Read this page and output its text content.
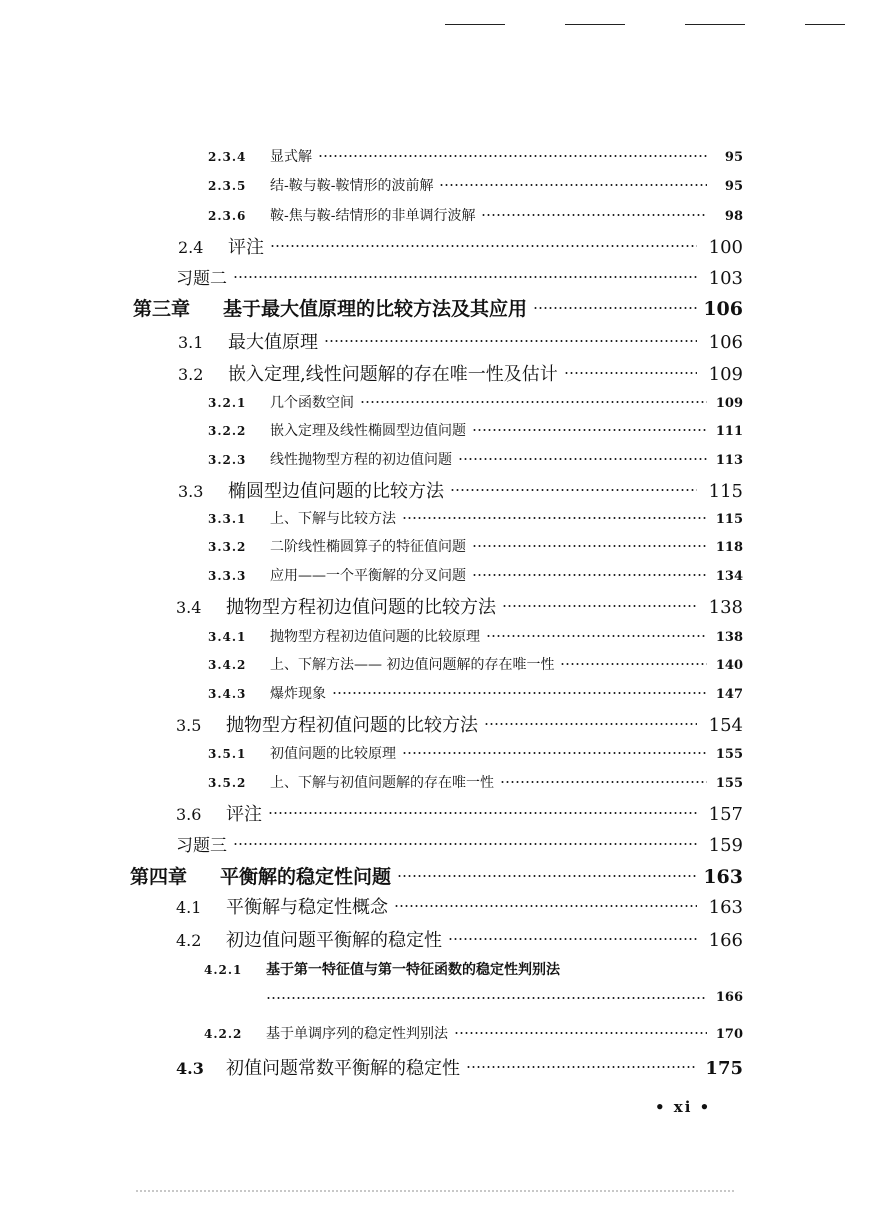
2.3.4	显式解	95
2.3.5	结-鞍与鞍-鞍情形的波前解	95
2.3.6	鞍-焦与鞍-结情形的非单调行波解	98
2.4	评注	100
习题二	103
第三章	基于最大值原理的比较方法及其应用	106
3.1	最大值原理	106
3.2	嵌入定理,线性问题解的存在唯一性及估计	109
3.2.1	几个函数空间	109
3.2.2	嵌入定理及线性椭圆型边值问题	111
3.2.3	线性抛物型方程的初边值问题	113
3.3	椭圆型边值问题的比较方法	115
3.3.1	上、下解与比较方法	115
3.3.2	二阶线性椭圆算子的特征值问题	118
3.3.3	应用——一个平衡解的分叉问题	134
3.4	抛物型方程初边值问题的比较方法	138
3.4.1	抛物型方程初边值问题的比较原理	138
3.4.2	上、下解方法—— 初边值问题解的存在唯一性	140
3.4.3	爆炸现象	147
3.5	抛物型方程初值问题的比较方法	154
3.5.1	初值问题的比较原理	155
3.5.2	上、下解与初值问题解的存在唯一性	155
3.6	评注	157
习题三	159
第四章	平衡解的稳定性问题	163
4.1	平衡解与稳定性概念	163
4.2	初边值问题平衡解的稳定性	166
4.2.1	基于第一特征值与第一特征函数的稳定性判别法
166
4.2.2	基于单调序列的稳定性判别法	170
4.3	初值问题常数平衡解的稳定性	175
• xi •
